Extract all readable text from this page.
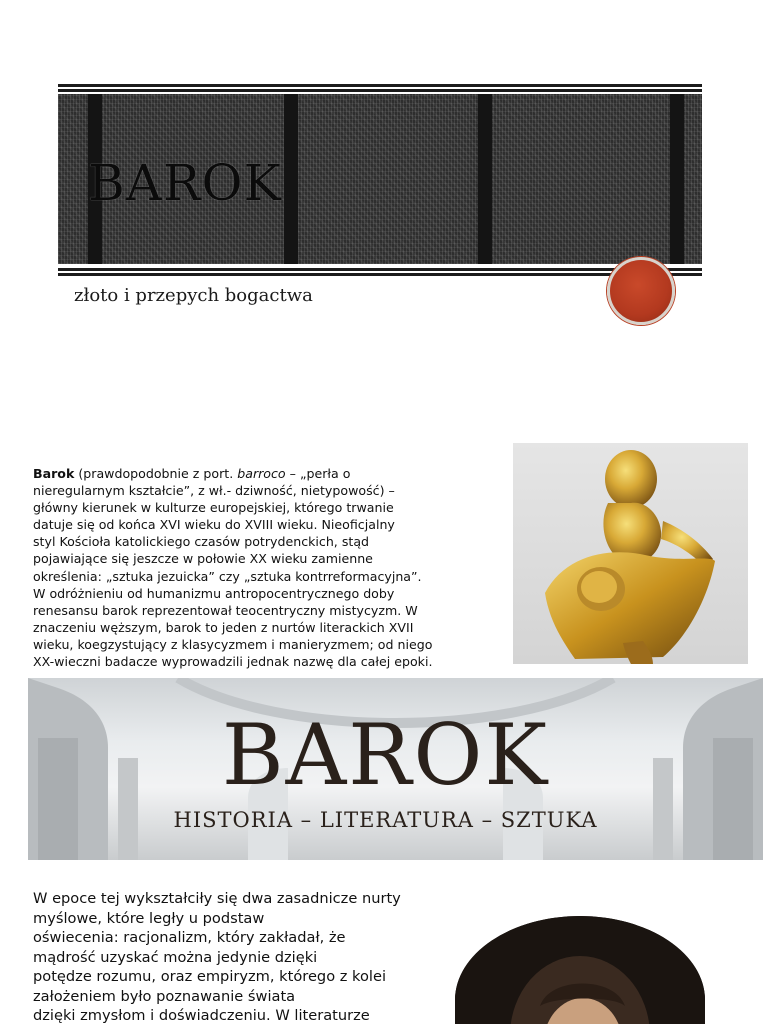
BAROK
złoto i przepych bogactwa
Barok (prawdopodobnie z port. barroco – „perła o
nieregularnym kształcie”, z wł.- dziwność, nietypowość) –
główny kierunek w kulturze europejskiej, którego trwanie
datuje się od końca XVI wieku do XVIII wieku. Nieoficjalny
styl Kościoła katolickiego czasów potrydenckich, stąd
pojawiające się jeszcze w połowie XX wieku zamienne
określenia: „sztuka jezuicka” czy „sztuka kontrreformacyjna”.
W odróżnieniu od humanizmu antropocentrycznego doby
renesansu barok reprezentował teocentryczny mistycyzm. W
znaczeniu węższym, barok to jeden z nurtów literackich XVII
wieku, koegzystujący z klasycyzmem i manieryzmem; od niego
XX-wieczni badacze wyprowadzili jednak nazwę dla całej epoki.
BAROK
HISTORIA – LITERATURA – SZTUKA
W epoce tej wykształciły się dwa zasadnicze nurty
myślowe, które legły u podstaw
oświecenia: racjonalizm, który zakładał, że
mądrość uzyskać można jedynie dzięki
potędze rozumu, oraz empiryzm, którego z kolei
założeniem było poznawanie świata
dzięki zmysłom i doświadczeniu. W literaturze
